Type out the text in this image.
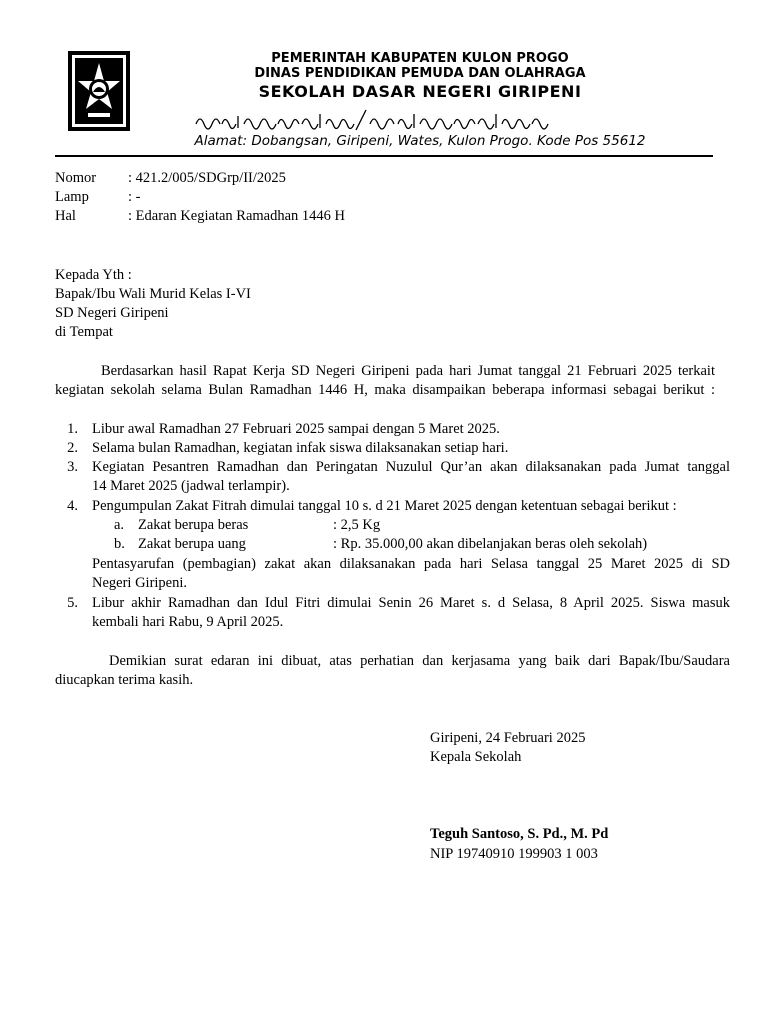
PEMERINTAH KABUPATEN KULON PROGO
DINAS PENDIDIKAN PEMUDA DAN OLAHRAGA
SEKOLAH DASAR NEGERI GIRIPENI
Alamat: Dobangsan, Giripeni, Wates, Kulon Progo. Kode Pos 55612
Nomor : 421.2/005/SDGrp/II/2025
Lamp	: -
Hal	: Edaran Kegiatan Ramadhan 1446 H
Kepada Yth :
Bapak/Ibu Wali Murid Kelas I-VI
SD Negeri Giripeni
di Tempat
Berdasarkan hasil Rapat Kerja SD Negeri Giripeni pada hari Jumat tanggal 21 Februari 2025 terkait
kegiatan sekolah selama Bulan Ramadhan 1446 H, maka disampaikan beberapa informasi sebagai berikut :
1. Libur awal Ramadhan 27 Februari 2025 sampai dengan 5 Maret 2025.
2. Selama bulan Ramadhan, kegiatan infak siswa dilaksanakan setiap hari.
3. Kegiatan Pesantren Ramadhan dan Peringatan Nuzulul Qur’an akan dilaksanakan pada Jumat tanggal
14 Maret 2025 (jadwal terlampir).
4. Pengumpulan Zakat Fitrah dimulai tanggal 10 s. d 21 Maret 2025 dengan ketentuan sebagai berikut :
a. Zakat berupa beras	: 2,5 Kg
b. Zakat berupa uang	: Rp. 35.000,00 akan dibelanjakan beras oleh sekolah)
Pentasyarufan (pembagian) zakat akan dilaksanakan pada hari Selasa tanggal 25 Maret 2025 di SD
Negeri Giripeni.
5. Libur akhir Ramadhan dan Idul Fitri dimulai Senin 26 Maret s. d Selasa, 8 April 2025. Siswa masuk
kembali hari Rabu, 9 April 2025.
Demikian surat edaran ini dibuat, atas perhatian dan kerjasama yang baik dari Bapak/Ibu/Saudara
diucapkan terima kasih.
Giripeni, 24 Februari 2025
Kepala Sekolah
Teguh Santoso, S. Pd., M. Pd
NIP 19740910 199903 1 003
